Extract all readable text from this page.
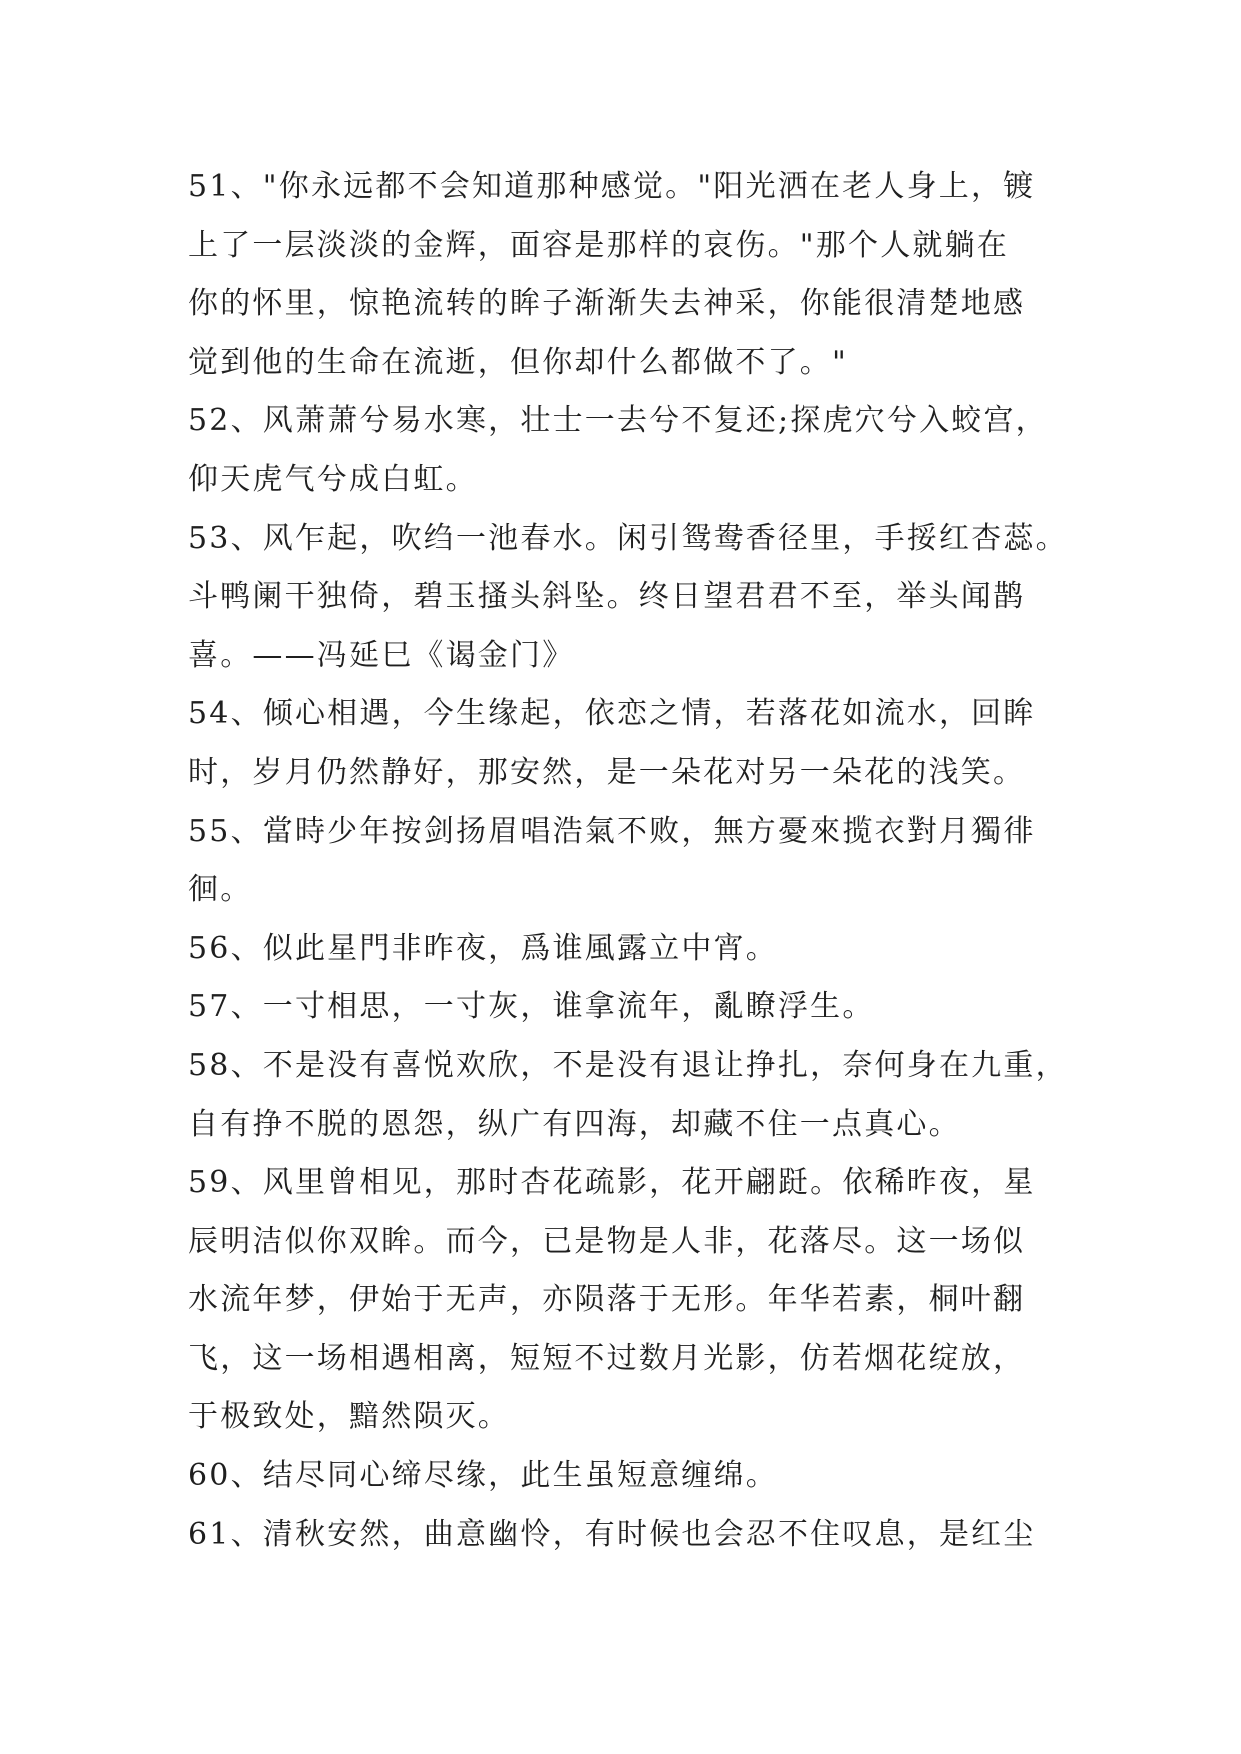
51、"你永远都不会知道那种感觉。"阳光洒在老人身上，镀

上了一层淡淡的金辉，面容是那样的哀伤。"那个人就躺在

你的怀里，惊艳流转的眸子渐渐失去神采，你能很清楚地感

觉到他的生命在流逝，但你却什么都做不了。"

52、风萧萧兮易水寒，壮士一去兮不复还;探虎穴兮入蛟宫，

仰天虎气兮成白虹。

53、风乍起，吹绉一池春水。闲引鸳鸯香径里，手挼红杏蕊。

斗鸭阑干独倚，碧玉搔头斜坠。终日望君君不至，举头闻鹊

喜。——冯延巳《谒金门》

54、倾心相遇，今生缘起，依恋之情，若落花如流水，回眸

时，岁月仍然静好，那安然，是一朵花对另一朵花的浅笑。

55、當時少年按剑扬眉唱浩氣不败，無方憂來揽衣對月獨徘

徊。

56、似此星門非昨夜，爲谁風露立中宵。

57、一寸相思，一寸灰，谁拿流年，亂瞭浮生。

58、不是没有喜悦欢欣，不是没有退让挣扎，奈何身在九重，

自有挣不脱的恩怨，纵广有四海，却藏不住一点真心。

59、风里曾相见，那时杏花疏影，花开翩跹。依稀昨夜，星

辰明洁似你双眸。而今，已是物是人非，花落尽。这一场似

水流年梦，伊始于无声，亦陨落于无形。年华若素，桐叶翻

飞，这一场相遇相离，短短不过数月光影，仿若烟花绽放，

于极致处，黯然陨灭。

60、结尽同心缔尽缘，此生虽短意缠绵。

61、清秋安然，曲意幽怜，有时候也会忍不住叹息，是红尘
